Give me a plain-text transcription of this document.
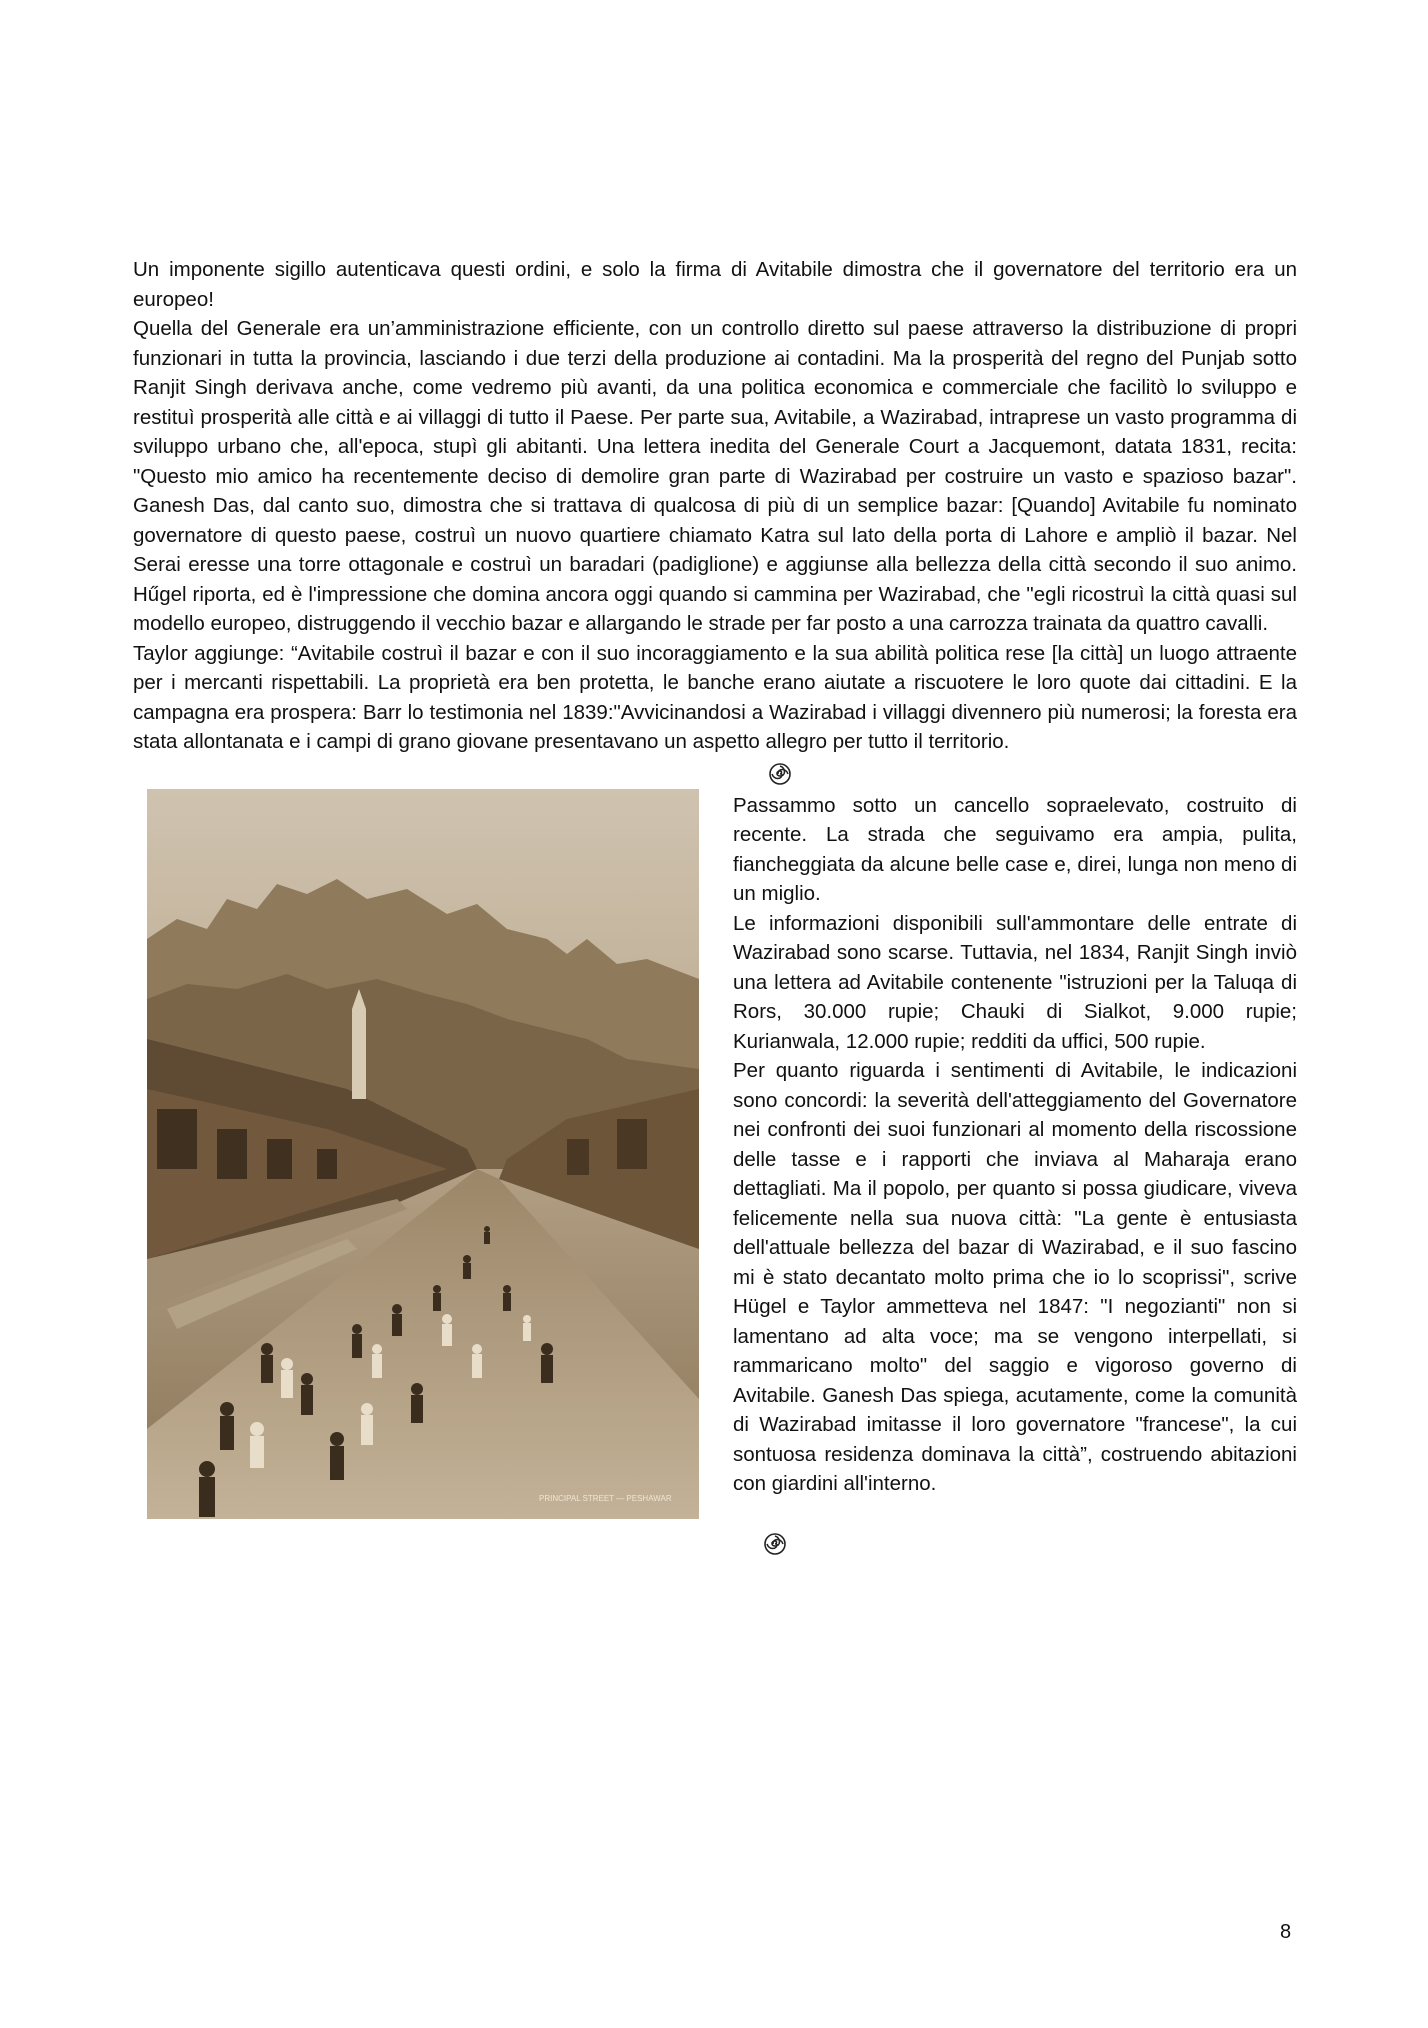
Un imponente sigillo autenticava questi ordini, e solo la firma di Avitabile dimostra che il governatore del territorio era un europeo!

Quella del Generale era un’amministrazione efficiente, con un controllo diretto sul paese attraverso la distribuzione di propri funzionari in tutta la provincia, lasciando i due terzi della produzione ai contadini. Ma la prosperità del regno del Punjab sotto Ranjit Singh derivava anche, come vedremo più avanti, da una politica economica e commerciale che facilitò lo sviluppo e restituì prosperità alle città e ai villaggi di tutto il Paese. Per parte sua, Avitabile, a Wazirabad, intraprese un vasto programma di sviluppo urbano che, all'epoca, stupì gli abitanti. Una lettera inedita del Generale Court a Jacquemont, datata 1831, recita: "Questo mio amico ha recentemente deciso di demolire gran parte di Wazirabad per costruire un vasto e spazioso bazar". Ganesh Das, dal canto suo, dimostra che si trattava di qualcosa di più di un semplice bazar: [Quando] Avitabile fu nominato governatore di questo paese, costruì un nuovo quartiere chiamato Katra sul lato della porta di Lahore e ampliò il bazar. Nel Serai eresse una torre ottagonale e costruì un baradari (padiglione) e aggiunse alla bellezza della città secondo il suo animo. Hűgel riporta, ed è l'impressione che domina ancora oggi quando si cammina per Wazirabad, che "egli ricostruì la città quasi sul modello europeo, distruggendo il vecchio bazar e allargando le strade per far posto a una carrozza trainata da quattro cavalli.

Taylor aggiunge: “Avitabile costruì il bazar e con il suo incoraggiamento e la sua abilità politica rese [la città] un luogo attraente per i mercanti rispettabili. La proprietà era ben protetta, le banche erano aiutate a riscuotere le loro quote dai cittadini. E la campagna era prospera: Barr lo testimonia nel 1839:"Avvicinandosi a Wazirabad i villaggi divennero più numerosi; la foresta era stata allontanata e i campi di grano giovane presentavano un aspetto allegro per tutto il territorio.

PRINCIPAL STREET — PESHAWAR

Passammo sotto un cancello sopraelevato, costruito di recente. La strada che seguivamo era ampia, pulita, fiancheggiata da alcune belle case e, direi, lunga non meno di un miglio.

Le informazioni disponibili sull'ammontare delle entrate di Wazirabad sono scarse. Tuttavia, nel 1834, Ranjit Singh inviò una lettera ad Avitabile contenente "istruzioni per la Taluqa di Rors, 30.000 rupie; Chauki di Sialkot, 9.000 rupie; Kurianwala, 12.000 rupie; redditi da uffici, 500 rupie.

Per quanto riguarda i sentimenti di Avitabile, le indicazioni sono concordi: la severità dell'atteggiamento del Governatore nei confronti dei suoi funzionari al momento della riscossione delle tasse e i rapporti che inviava al Maharaja erano dettagliati. Ma il popolo, per quanto si possa giudicare, viveva felicemente nella sua nuova città: "La gente è entusiasta dell'attuale bellezza del bazar di Wazirabad, e il suo fascino mi è stato decantato molto prima che io lo scoprissi", scrive Hügel e Taylor ammetteva nel 1847: "I negozianti" non si lamentano ad alta voce; ma se vengono interpellati, si rammaricano molto" del saggio e vigoroso governo di Avitabile. Ganesh Das spiega, acutamente, come la comunità di Wazirabad imitasse il loro governatore "francese", la cui sontuosa residenza dominava la città”, costruendo abitazioni con giardini all'interno.

8
